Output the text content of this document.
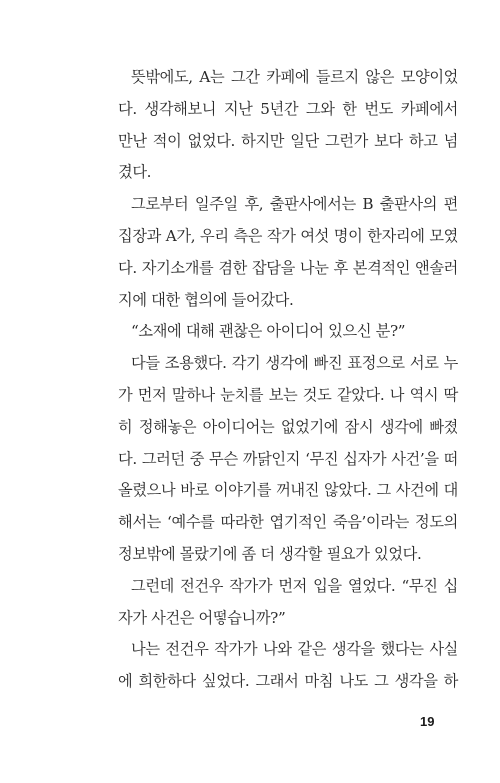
뜻밖에도, A는 그간 카페에 들르지 않은 모양이었
다. 생각해보니 지난 5년간 그와 한 번도 카페에서
만난 적이 없었다. 하지만 일단 그런가 보다 하고 넘
겼다.
그로부터 일주일 후, 출판사에서는 B 출판사의 편
집장과 A가, 우리 측은 작가 여섯 명이 한자리에 모였
다. 자기소개를 겸한 잡담을 나눈 후 본격적인 앤솔러
지에 대한 협의에 들어갔다.
“소재에 대해 괜찮은 아이디어 있으신 분?”
다들 조용했다. 각기 생각에 빠진 표정으로 서로 누
가 먼저 말하나 눈치를 보는 것도 같았다. 나 역시 딱
히 정해놓은 아이디어는 없었기에 잠시 생각에 빠졌
다. 그러던 중 무슨 까닭인지 ‘무진 십자가 사건’을 떠
올렸으나 바로 이야기를 꺼내진 않았다. 그 사건에 대
해서는 ‘예수를 따라한 엽기적인 죽음’이라는 정도의
정보밖에 몰랐기에 좀 더 생각할 필요가 있었다.
그런데 전건우 작가가 먼저 입을 열었다. “무진 십
자가 사건은 어떻습니까?”
나는 전건우 작가가 나와 같은 생각을 했다는 사실
에 희한하다 싶었다. 그래서 마침 나도 그 생각을 하
19
